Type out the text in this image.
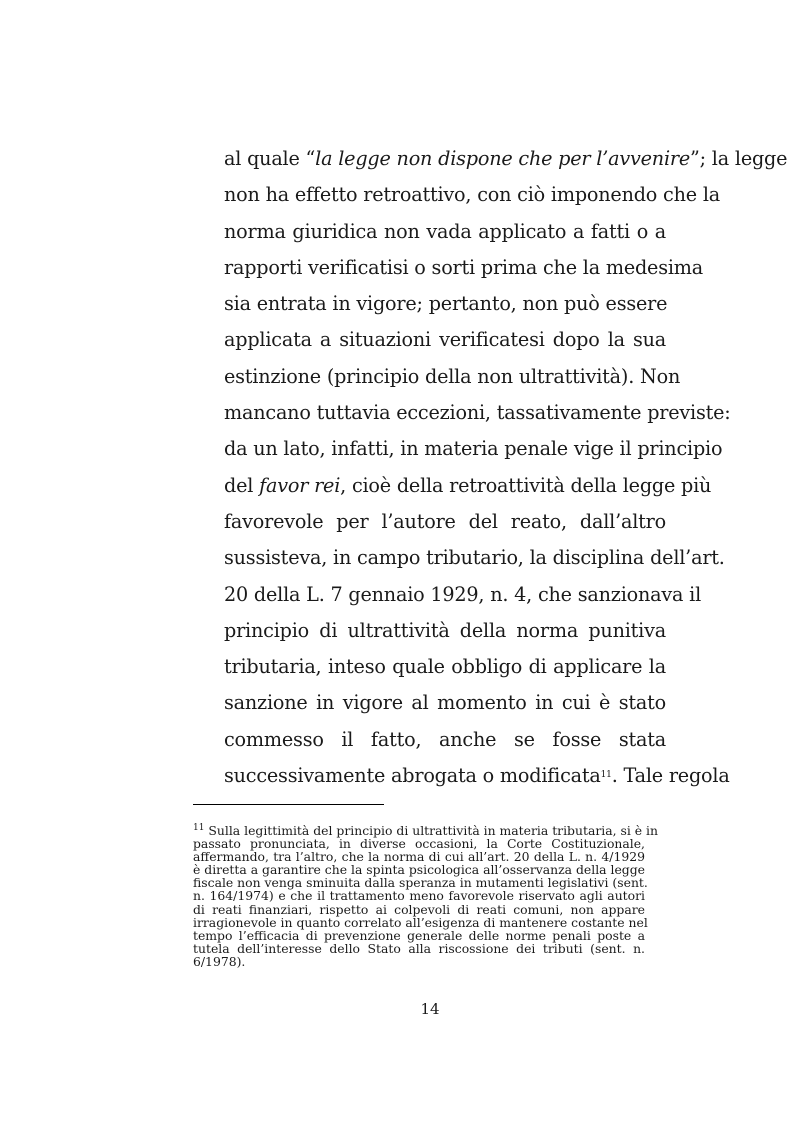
al quale “la legge non dispone che per l’avvenire”; la legge
non ha effetto retroattivo, con ciò imponendo che la
norma giuridica non vada applicato a fatti o a
rapporti verificatisi o sorti prima che la medesima
sia entrata in vigore; pertanto, non può essere
applicata a situazioni verificatesi dopo la sua
estinzione (principio della non ultrattività). Non
mancano tuttavia eccezioni, tassativamente previste:
da un lato, infatti, in materia penale vige il principio
del favor rei, cioè della retroattività della legge più
favorevole per l’autore del reato, dall’altro
sussisteva, in campo tributario, la disciplina dell’art.
20 della L. 7 gennaio 1929, n. 4, che sanzionava il
principio di ultrattività della norma punitiva
tributaria, inteso quale obbligo di applicare la
sanzione in vigore al momento in cui è stato
commesso il fatto, anche se fosse stata
successivamente abrogata o modificata$^{11}$. Tale regola
$^{11}$ Sulla legittimità del principio di ultrattività in materia tributaria, si è in
passato pronunciata, in diverse occasioni, la Corte Costituzionale,
affermando, tra l’altro, che la norma di cui all’art. 20 della L. n. 4/1929
è diretta a garantire che la spinta psicologica all’osservanza della legge
fiscale non venga sminuita dalla speranza in mutamenti legislativi (sent.
n. 164/1974) e che il trattamento meno favorevole riservato agli autori
di reati finanziari, rispetto ai colpevoli di reati comuni, non appare
irragionevole in quanto correlato all’esigenza di mantenere costante nel
tempo l’efficacia di prevenzione generale delle norme penali poste a
tutela dell’interesse dello Stato alla riscossione dei tributi (sent. n.
6/1978).
14
